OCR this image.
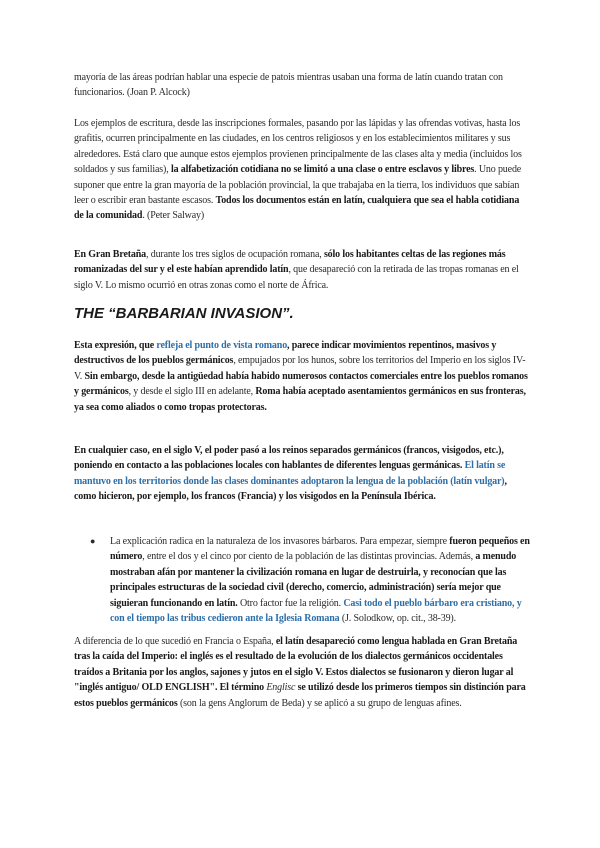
mayoría de las áreas podrían hablar una especie de patois mientras usaban una forma de latín cuando tratan con funcionarios. (Joan P. Alcock)

Los ejemplos de escritura, desde las inscripciones formales, pasando por las lápidas y las ofrendas votivas, hasta los grafitis, ocurren principalmente en las ciudades, en los centros religiosos y en los establecimientos militares y sus alrededores. Está claro que aunque estos ejemplos provienen principalmente de las clases alta y media (incluidos los soldados y sus familias), la alfabetización cotidiana no se limitó a una clase o entre esclavos y libres. Uno puede suponer que entre la gran mayoría de la población provincial, la que trabajaba en la tierra, los individuos que sabían leer o escribir eran bastante escasos. Todos los documentos están en latín, cualquiera que sea el habla cotidiana de la comunidad. (Peter Salway)

En Gran Bretaña, durante los tres siglos de ocupación romana, sólo los habitantes celtas de las regiones más romanizadas del sur y el este habían aprendido latín, que desapareció con la retirada de las tropas romanas en el siglo V. Lo mismo ocurrió en otras zonas como el norte de África.

THE “BARBARIAN INVASION”.

Esta expresión, que refleja el punto de vista romano, parece indicar movimientos repentinos, masivos y destructivos de los pueblos germánicos, empujados por los hunos, sobre los territorios del Imperio en los siglos IV-V. Sin embargo, desde la antigüedad había habido numerosos contactos comerciales entre los pueblos romanos y germánicos, y desde el siglo III en adelante, Roma había aceptado asentamientos germánicos en sus fronteras, ya sea como aliados o como tropas protectoras.

En cualquier caso, en el siglo V, el poder pasó a los reinos separados germánicos (francos, visigodos, etc.), poniendo en contacto a las poblaciones locales con hablantes de diferentes lenguas germánicas. El latín se mantuvo en los territorios donde las clases dominantes adoptaron la lengua de la población (latín vulgar), como hicieron, por ejemplo, los francos (Francia) y los visigodos en la Península Ibérica.

● La explicación radica en la naturaleza de los invasores bárbaros. Para empezar, siempre fueron pequeños en número, entre el dos y el cinco por ciento de la población de las distintas provincias. Además, a menudo mostraban afán por mantener la civilización romana en lugar de destruirla, y reconocían que las principales estructuras de la sociedad civil (derecho, comercio, administración) sería mejor que siguieran funcionando en latín. Otro factor fue la religión. Casi todo el pueblo bárbaro era cristiano, y con el tiempo las tribus cedieron ante la Iglesia Romana (J. Solodkow, op. cit., 38-39).

A diferencia de lo que sucedió en Francia o España, el latín desapareció como lengua hablada en Gran Bretaña tras la caída del Imperio: el inglés es el resultado de la evolución de los dialectos germánicos occidentales traídos a Britania por los anglos, sajones y jutos en el siglo V. Estos dialectos se fusionaron y dieron lugar al "inglés antiguo/ OLD ENGLISH". El término Englisc se utilizó desde los primeros tiempos sin distinción para estos pueblos germánicos (son la gens Anglorum de Beda) y se aplicó a su grupo de lenguas afines.
